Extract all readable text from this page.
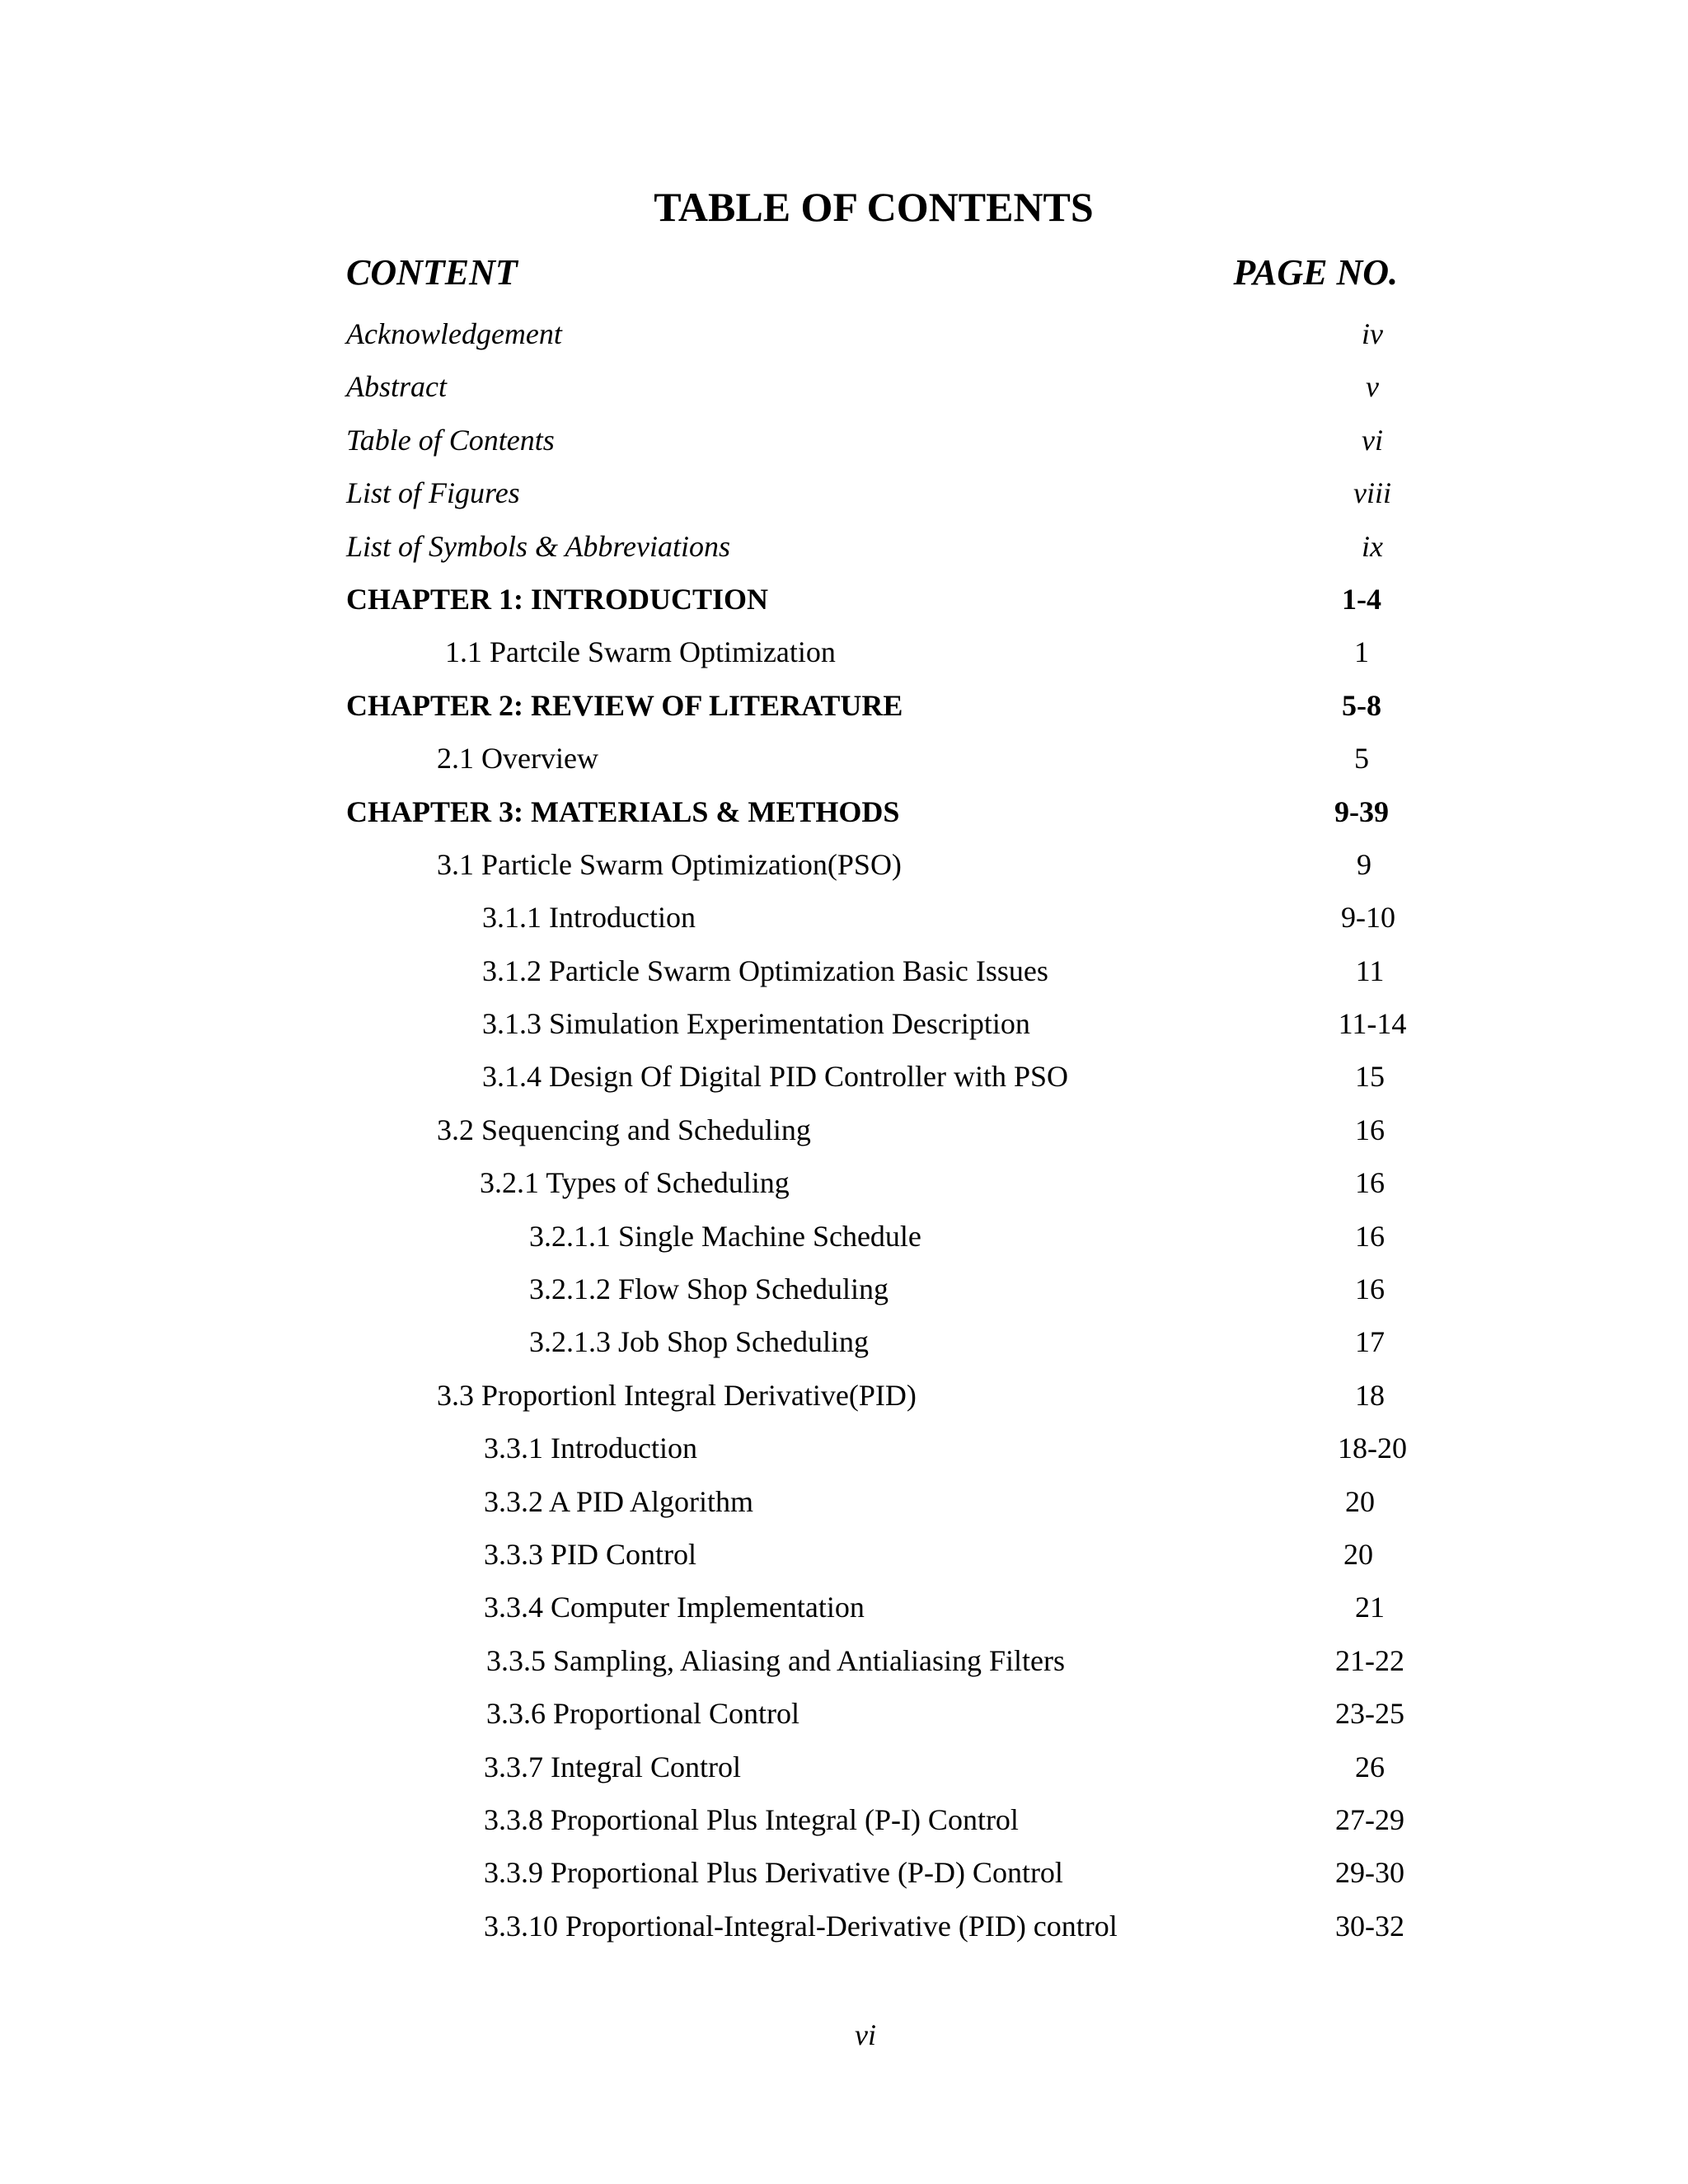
TABLE OF CONTENTS
CONTENT	PAGE NO.
Acknowledgement	iv
Abstract	v
Table of Contents	vi
List of Figures	viii
List of Symbols & Abbreviations	ix
CHAPTER 1: INTRODUCTION	1-4
1.1 Partcile Swarm Optimization	1
CHAPTER 2: REVIEW OF LITERATURE	5-8
2.1 Overview	5
CHAPTER 3: MATERIALS & METHODS	9-39
3.1 Particle Swarm Optimization(PSO)	9
3.1.1 Introduction	9-10
3.1.2 Particle Swarm Optimization Basic Issues	11
3.1.3 Simulation Experimentation Description	11-14
3.1.4 Design Of Digital PID Controller with PSO	15
3.2 Sequencing and Scheduling	16
3.2.1 Types of Scheduling	16
3.2.1.1 Single Machine Schedule	16
3.2.1.2 Flow Shop Scheduling	16
3.2.1.3 Job Shop Scheduling	17
3.3 Proportionl Integral Derivative(PID)	18
3.3.1 Introduction	18-20
3.3.2 A PID Algorithm	20
3.3.3 PID Control	20
3.3.4 Computer Implementation	21
3.3.5 Sampling, Aliasing and Antialiasing Filters	21-22
3.3.6 Proportional Control	23-25
3.3.7 Integral Control	26
3.3.8 Proportional Plus Integral (P-I) Control	27-29
3.3.9 Proportional Plus Derivative (P-D) Control	29-30
3.3.10 Proportional-Integral-Derivative (PID) control	30-32
vi
